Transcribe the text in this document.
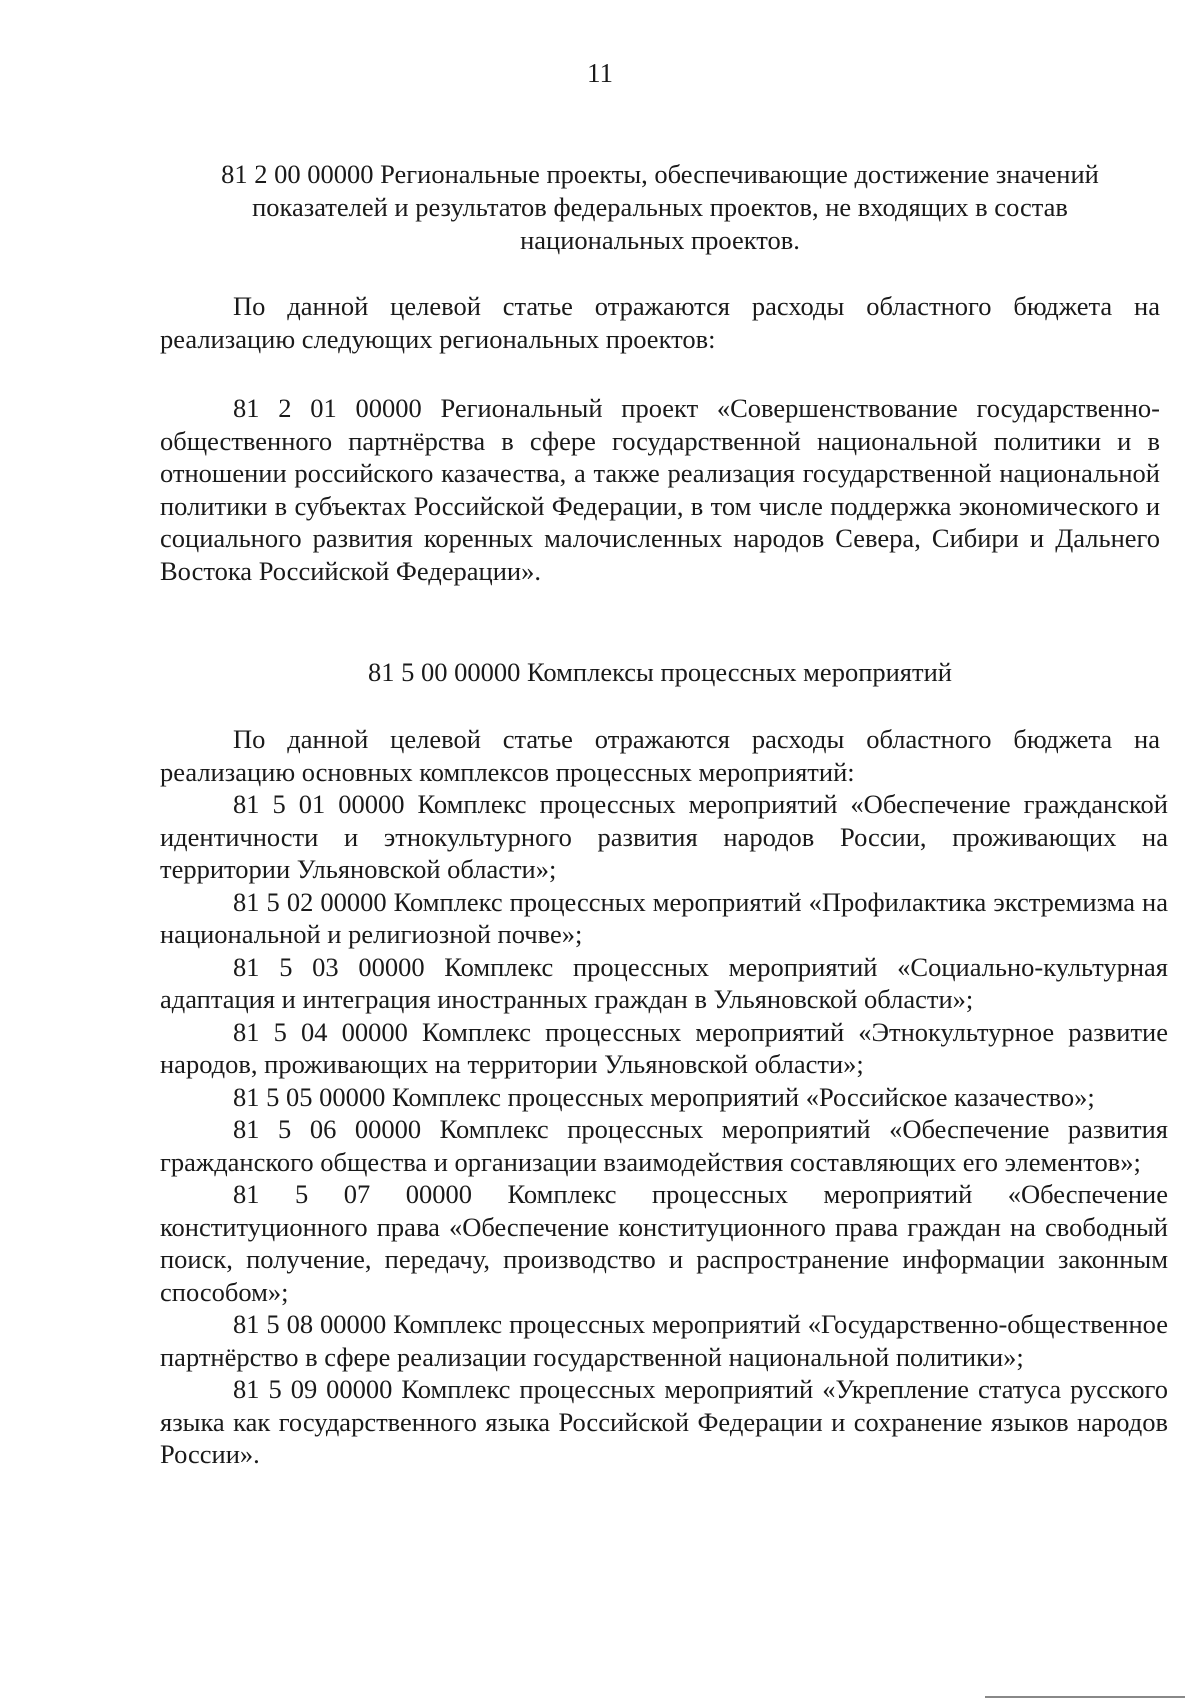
11
81 2 00 00000 Региональные проекты, обеспечивающие достижение значений показателей и результатов федеральных проектов, не входящих в состав национальных проектов.
По данной целевой статье отражаются расходы областного бюджета на реализацию следующих региональных проектов:
81 2 01 00000 Региональный проект «Совершенствование государственно-общественного партнёрства в сфере государственной национальной политики и в отношении российского казачества, а также реализация государственной национальной политики в субъектах Российской Федерации, в том числе поддержка экономического и социального развития коренных малочисленных народов Севера, Сибири и Дальнего Востока Российской Федерации».
81 5 00 00000 Комплексы процессных мероприятий
По данной целевой статье отражаются расходы областного бюджета на реализацию основных комплексов процессных мероприятий:

81 5 01 00000 Комплекс процессных мероприятий «Обеспечение гражданской идентичности и этнокультурного развития народов России, проживающих на территории Ульяновской области»;

81 5 02 00000 Комплекс процессных мероприятий «Профилактика экстремизма на национальной и религиозной почве»;

81 5 03 00000 Комплекс процессных мероприятий «Социально-культурная адаптация и интеграция иностранных граждан в Ульяновской области»;

81 5 04 00000 Комплекс процессных мероприятий «Этнокультурное развитие народов, проживающих на территории Ульяновской области»;

81 5 05 00000 Комплекс процессных мероприятий «Российское казачество»;

81 5 06 00000 Комплекс процессных мероприятий «Обеспечение развития гражданского общества и организации взаимодействия составляющих его элементов»;

81 5 07 00000 Комплекс процессных мероприятий «Обеспечение конституционного права «Обеспечение конституционного права граждан на свободный поиск, получение, передачу, производство и распространение информации законным способом»;

81 5 08 00000 Комплекс процессных мероприятий «Государственно-общественное партнёрство в сфере реализации государственной национальной политики»;

81 5 09 00000 Комплекс процессных мероприятий «Укрепление статуса русского языка как государственного языка Российской Федерации и сохранение языков народов России».
